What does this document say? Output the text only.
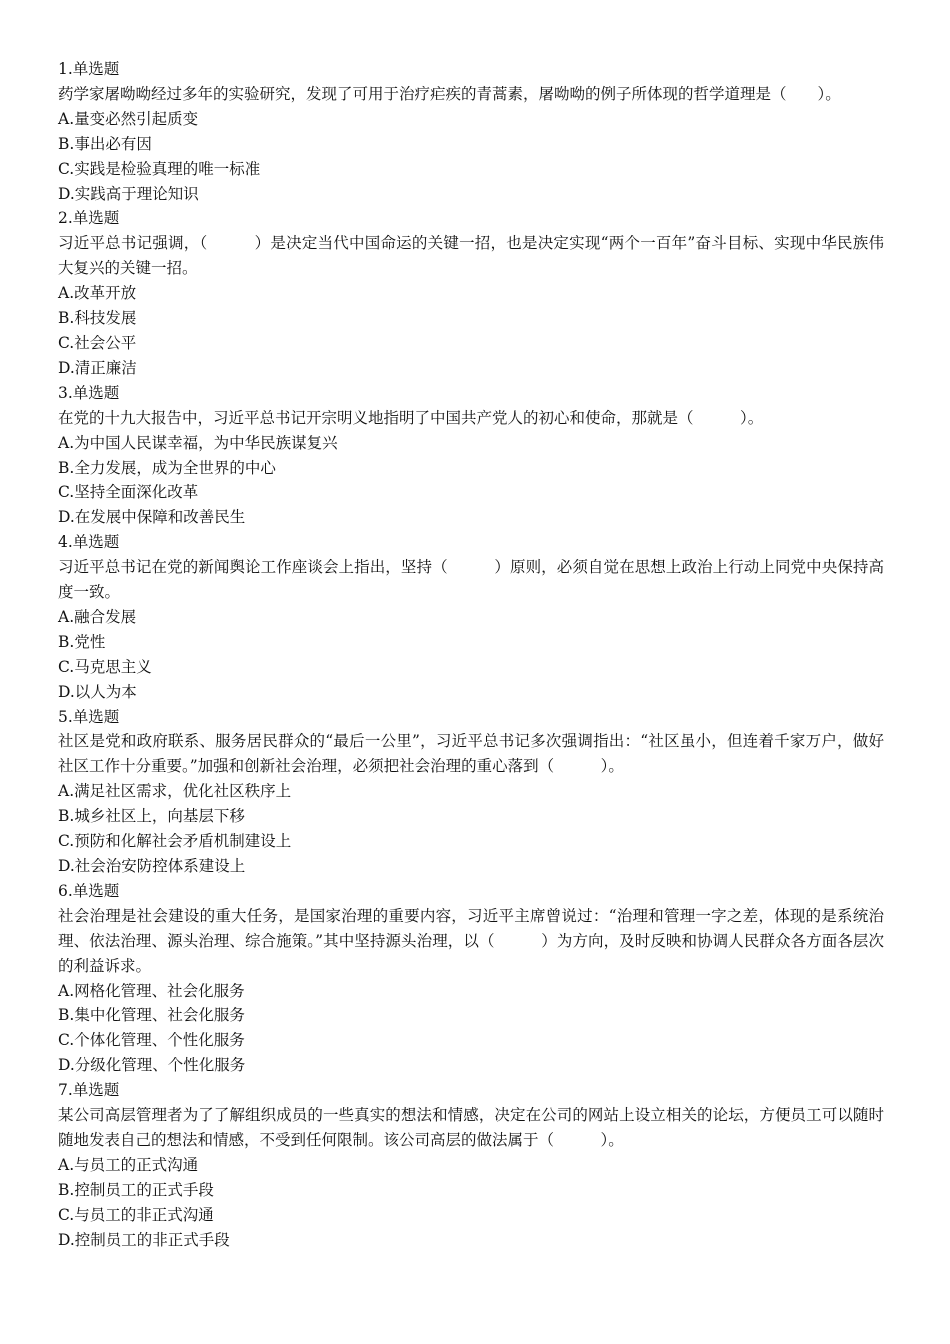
1.单选题
药学家屠呦呦经过多年的实验研究，发现了可用于治疗疟疾的青蒿素，屠呦呦的例子所体现的哲学道理是（　　）。
A.量变必然引起质变
B.事出必有因
C.实践是检验真理的唯一标准
D.实践高于理论知识
2.单选题
习近平总书记强调，（　　　）是决定当代中国命运的关键一招，也是决定实现“两个一百年”奋斗目标、实现中华民族伟大复兴的关键一招。
A.改革开放
B.科技发展
C.社会公平
D.清正廉洁
3.单选题
在党的十九大报告中，习近平总书记开宗明义地指明了中国共产党人的初心和使命，那就是（　　　）。
A.为中国人民谋幸福，为中华民族谋复兴
B.全力发展，成为全世界的中心
C.坚持全面深化改革
D.在发展中保障和改善民生
4.单选题
习近平总书记在党的新闻舆论工作座谈会上指出，坚持（　　　）原则，必须自觉在思想上政治上行动上同党中央保持高度一致。
A.融合发展
B.党性
C.马克思主义
D.以人为本
5.单选题
社区是党和政府联系、服务居民群众的“最后一公里”，习近平总书记多次强调指出：“社区虽小，但连着千家万户，做好社区工作十分重要。”加强和创新社会治理，必须把社会治理的重心落到（　　　）。
A.满足社区需求，优化社区秩序上
B.城乡社区上，向基层下移
C.预防和化解社会矛盾机制建设上
D.社会治安防控体系建设上
6.单选题
社会治理是社会建设的重大任务，是国家治理的重要内容，习近平主席曾说过：“治理和管理一字之差，体现的是系统治理、依法治理、源头治理、综合施策。”其中坚持源头治理，以（　　　）为方向，及时反映和协调人民群众各方面各层次的利益诉求。
A.网格化管理、社会化服务
B.集中化管理、社会化服务
C.个体化管理、个性化服务
D.分级化管理、个性化服务
7.单选题
某公司高层管理者为了了解组织成员的一些真实的想法和情感，决定在公司的网站上设立相关的论坛，方便员工可以随时随地发表自己的想法和情感，不受到任何限制。该公司高层的做法属于（　　　）。
A.与员工的正式沟通
B.控制员工的正式手段
C.与员工的非正式沟通
D.控制员工的非正式手段
